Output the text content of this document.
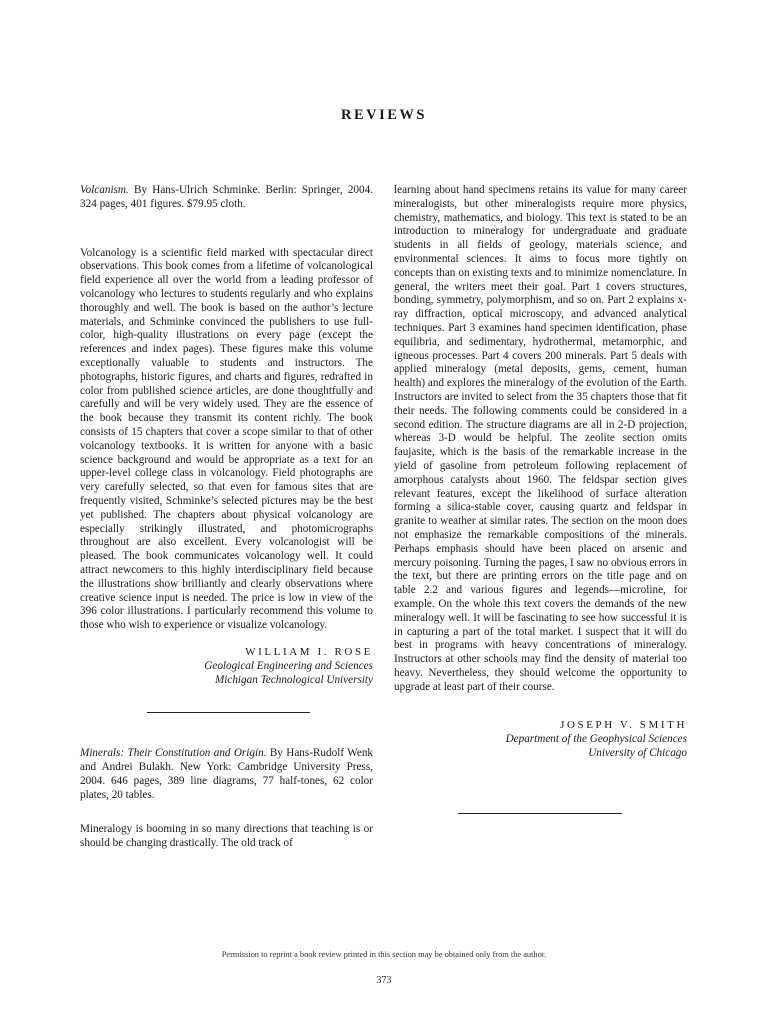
REVIEWS

Volcanism. By Hans-Ulrich Schminke. Berlin: Springer, 2004. 324 pages, 401 figures. $79.95 cloth.

Volcanology is a scientific field marked with spectacular direct observations. This book comes from a lifetime of volcanological field experience all over the world from a leading professor of volcanology who lectures to students regularly and who explains thoroughly and well. The book is based on the author’s lecture materials, and Schminke convinced the publishers to use full-color, high-quality illustrations on every page (except the references and index pages). These figures make this volume exceptionally valuable to students and instructors. The photographs, historic figures, and charts and figures, redrafted in color from published science articles, are done thoughtfully and carefully and will be very widely used. They are the essence of the book because they transmit its content richly. The book consists of 15 chapters that cover a scope similar to that of other volcanology textbooks. It is written for anyone with a basic science background and would be appropriate as a text for an upper-level college class in volcanology. Field photographs are very carefully selected, so that even for famous sites that are frequently visited, Schminke’s selected pictures may be the best yet published. The chapters about physical volcanology are especially strikingly illustrated, and photomicrographs throughout are also excellent. Every volcanologist will be pleased. The book communicates volcanology well. It could attract newcomers to this highly interdisciplinary field because the illustrations show brilliantly and clearly observations where creative science input is needed. The price is low in view of the 396 color illustrations. I particularly recommend this volume to those who wish to experience or visualize volcanology.

WILLIAM I. ROSE

Geological Engineering and Sciences

Michigan Technological University

Minerals: Their Constitution and Origin. By Hans-Rudolf Wenk and Andrei Bulakh. New York: Cambridge University Press, 2004. 646 pages, 389 line diagrams, 77 half-tones, 62 color plates, 20 tables.

Mineralogy is booming in so many directions that teaching is or should be changing drastically. The old track of

learning about hand specimens retains its value for many career mineralogists, but other mineralogists require more physics, chemistry, mathematics, and biology. This text is stated to be an introduction to mineralogy for undergraduate and graduate students in all fields of geology, materials science, and environmental sciences. It aims to focus more tightly on concepts than on existing texts and to minimize nomenclature. In general, the writers meet their goal. Part 1 covers structures, bonding, symmetry, polymorphism, and so on. Part 2 explains x-ray diffraction, optical microscopy, and advanced analytical techniques. Part 3 examines hand specimen identification, phase equilibria, and sedimentary, hydrothermal, metamorphic, and igneous processes. Part 4 covers 200 minerals. Part 5 deals with applied mineralogy (metal deposits, gems, cement, human health) and explores the mineralogy of the evolution of the Earth. Instructors are invited to select from the 35 chapters those that fit their needs. The following comments could be considered in a second edition. The structure diagrams are all in 2-D projection, whereas 3-D would be helpful. The zeolite section omits faujasite, which is the basis of the remarkable increase in the yield of gasoline from petroleum following replacement of amorphous catalysts about 1960. The feldspar section gives relevant features, except the likelihood of surface alteration forming a silica-stable cover, causing quartz and feldspar in granite to weather at similar rates. The section on the moon does not emphasize the remarkable compositions of the minerals. Perhaps emphasis should have been placed on arsenic and mercury poisoning. Turning the pages, I saw no obvious errors in the text, but there are printing errors on the title page and on table 2.2 and various figures and legends—microline, for example. On the whole this text covers the demands of the new mineralogy well. It will be fascinating to see how successful it is in capturing a part of the total market. I suspect that it will do best in programs with heavy concentrations of mineralogy. Instructors at other schools may find the density of material too heavy. Nevertheless, they should welcome the opportunity to upgrade at least part of their course.

JOSEPH V. SMITH

Department of the Geophysical Sciences

University of Chicago

Permission to reprint a book review printed in this section may be obtained only from the author.
373
